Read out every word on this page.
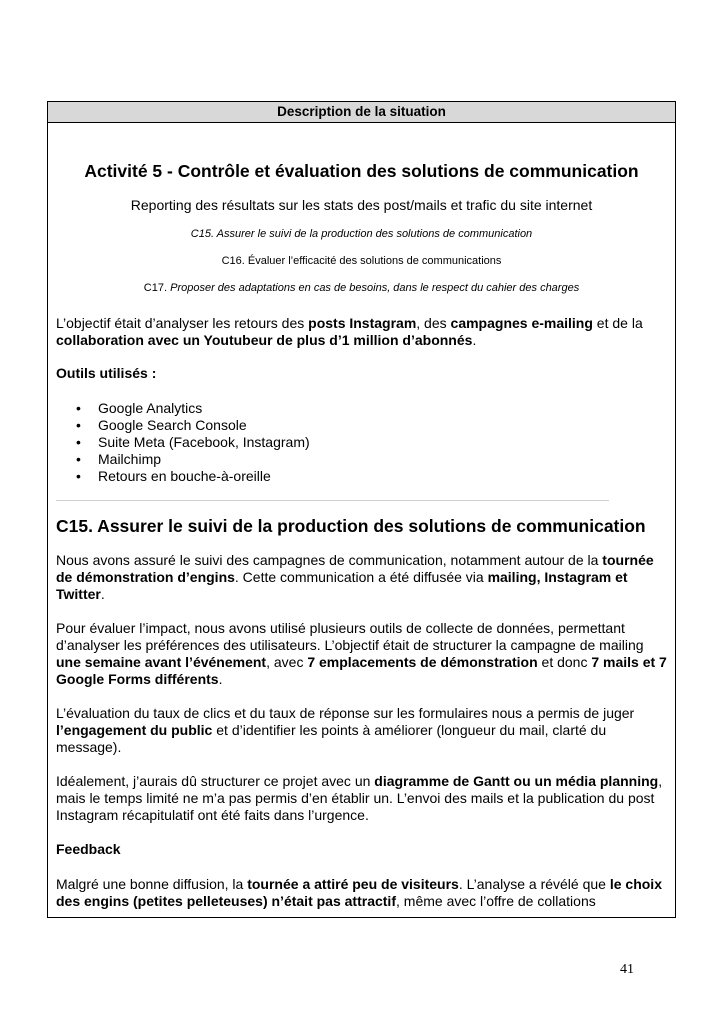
Description de la situation
Activité 5 - Contrôle et évaluation des solutions de communication
Reporting des résultats sur les stats des post/mails et trafic du site internet
C15. Assurer le suivi de la production des solutions de communication
C16. Évaluer l’efficacité des solutions de communications
C17. Proposer des adaptations en cas de besoins, dans le respect du cahier des charges

L’objectif était d’analyser les retours des posts Instagram, des campagnes e-mailing et de la collaboration avec un Youtubeur de plus d’1 million d’abonnés.

Outils utilisés :

• Google Analytics
• Google Search Console
• Suite Meta (Facebook, Instagram)
• Mailchimp
• Retours en bouche-à-oreille
C15. Assurer le suivi de la production des solutions de communication

Nous avons assuré le suivi des campagnes de communication, notamment autour de la tournée de démonstration d’engins. Cette communication a été diffusée via mailing, Instagram et Twitter.

Pour évaluer l’impact, nous avons utilisé plusieurs outils de collecte de données, permettant d’analyser les préférences des utilisateurs. L’objectif était de structurer la campagne de mailing une semaine avant l’événement, avec 7 emplacements de démonstration et donc 7 mails et 7 Google Forms différents.

L’évaluation du taux de clics et du taux de réponse sur les formulaires nous a permis de juger l’engagement du public et d’identifier les points à améliorer (longueur du mail, clarté du message).

Idéalement, j’aurais dû structurer ce projet avec un diagramme de Gantt ou un média planning, mais le temps limité ne m’a pas permis d’en établir un. L’envoi des mails et la publication du post Instagram récapitulatif ont été faits dans l’urgence.

Feedback

Malgré une bonne diffusion, la tournée a attiré peu de visiteurs. L’analyse a révélé que le choix des engins (petites pelleteuses) n’était pas attractif, même avec l’offre de collations

41
